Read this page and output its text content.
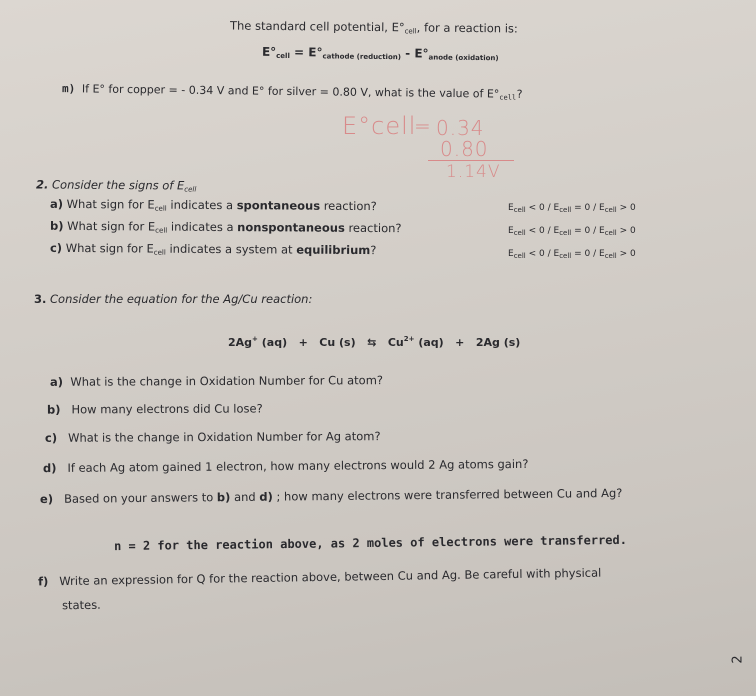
The standard cell potential, $E^\circ_{cell}$, for a reaction is:
$E^\circ_{cell} = E^\circ_{cathode (reduction)} - E^\circ_{anode (oxidation)}$
m) If E° for copper = - 0.34 V and E° for silver = 0.80 V, what is the value of $E^\circ_{cell}$?
E°cell
= 0.34
0.80
1.14V
2. Consider the signs of $E_{cell}$
a) What sign for $E_{cell}$ indicates a spontaneous reaction?
b) What sign for $E_{cell}$ indicates a nonspontaneous reaction?
c) What sign for $E_{cell}$ indicates a system at equilibrium?
$E_{cell} < 0 / E_{cell} = 0 / E_{cell} > 0$
$E_{cell} < 0 / E_{cell} = 0 / E_{cell} > 0$
$E_{cell} < 0 / E_{cell} = 0 / E_{cell} > 0$
3. Consider the equation for the Ag/Cu reaction:
2Ag+ (aq)   +   Cu (s)   ⇆   $Cu^{2+}$ (aq)   +   2Ag (s)
a) What is the change in Oxidation Number for Cu atom?
b) How many electrons did Cu lose?
c) What is the change in Oxidation Number for Ag atom?
d) If each Ag atom gained 1 electron, how many electrons would 2 Ag atoms gain?
e) Based on your answers to b) and d) ; how many electrons were transferred between Cu and Ag?
n = 2 for the reaction above, as 2 moles of electrons were transferred.
f) Write an expression for Q for the reaction above, between Cu and Ag. Be careful with physical
states.
2
